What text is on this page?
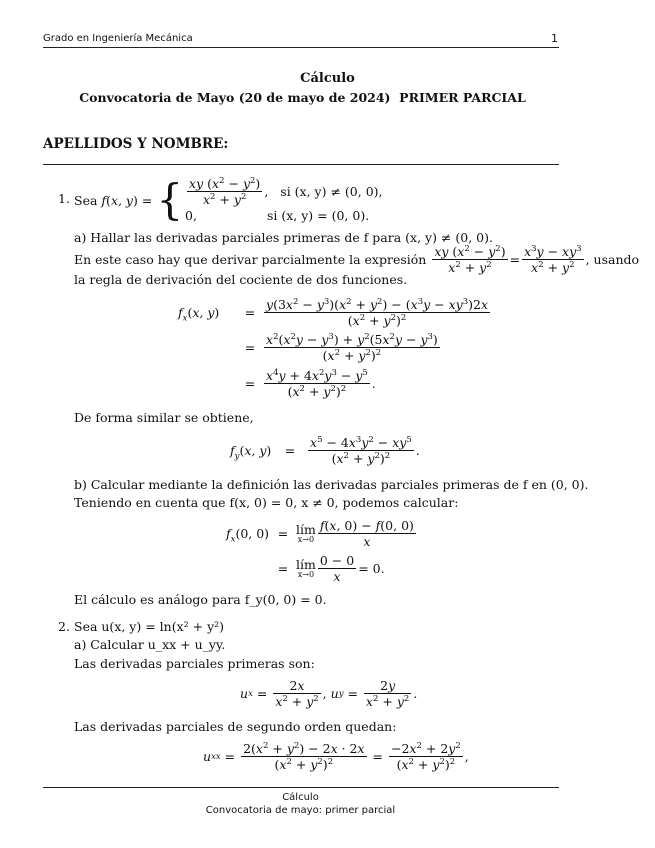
Grado en Ingeniería Mecánica	1
Cálculo
Convocatoria de Mayo (20 de mayo de 2024)  PRIMER PARCIAL
APELLIDOS Y NOMBRE:
1. Sea
f ( x, y ) = { $\frac{xy (x^2 - y^2)}{x^2 + y^2}$ , si (x, y) ≠ (0, 0),
0,	si (x, y) = (0, 0).
a) Hallar las derivadas parciales primeras de f para (x, y) ≠ (0, 0).
En este caso hay que derivar parcialmente la expresión
$\frac{xy (x^2 - y^2)}{x^2 + y^2} = \frac{x^3y - xy^3}{x^2 + y^2}$ , usando
la regla de derivación del cociente de dos funciones.
$f_x(x$, y)	= $\frac{y(3x^2 - y^3)(x^2 + y^2) - (x^3y - xy^3)2x}{(x^2 + y^2)^2}$
= $\frac{x^2(x^2y - y^3) + y^2(5x^2y - y^3)}{(x^2 + y^2)^2}$
= $\frac{x^4y + 4x^2y^3 - y^5}{(x^2 + y^2)^2}$ .
De forma similar se obtiene,
$f_y(x$, y)	=	$\frac{x^5 - 4x^3y^2 - xy^5}{(x^2 + y^2)^2}$ .
b) Calcular mediante la definición las derivadas parciales primeras de f en (0, 0).
Teniendo en cuenta que f(x, 0) = 0, x ≠ 0, podemos calcular:
$f_x(0$, 0) = lím
$x\to 0 \frac{f(x, 0) - f(0, 0)}{x}$
= lím
$x\to 0 \frac{0 - 0}{x} = 0$.
El cálculo es análogo para f_y(0, 0) = 0.
2. Sea u(x, y) = ln(x² + y²)
a) Calcular u_xx + u_yy.
Las derivadas parciales primeras son:
u $x = \frac{2x}{x^2 + y^2}$ , u $y = \frac{2y}{x^2 + y^2}$ .
Las derivadas parciales de segundo orden quedan:
u xx = $\frac{2(x^2 + y^2) - 2x \cdot 2x}{(x^2 + y^2)^2} = \frac{-2x^2 + 2y^2}{(x^2 + y^2)^2}$ ,
Cálculo
Convocatoria de mayo: primer parcial
